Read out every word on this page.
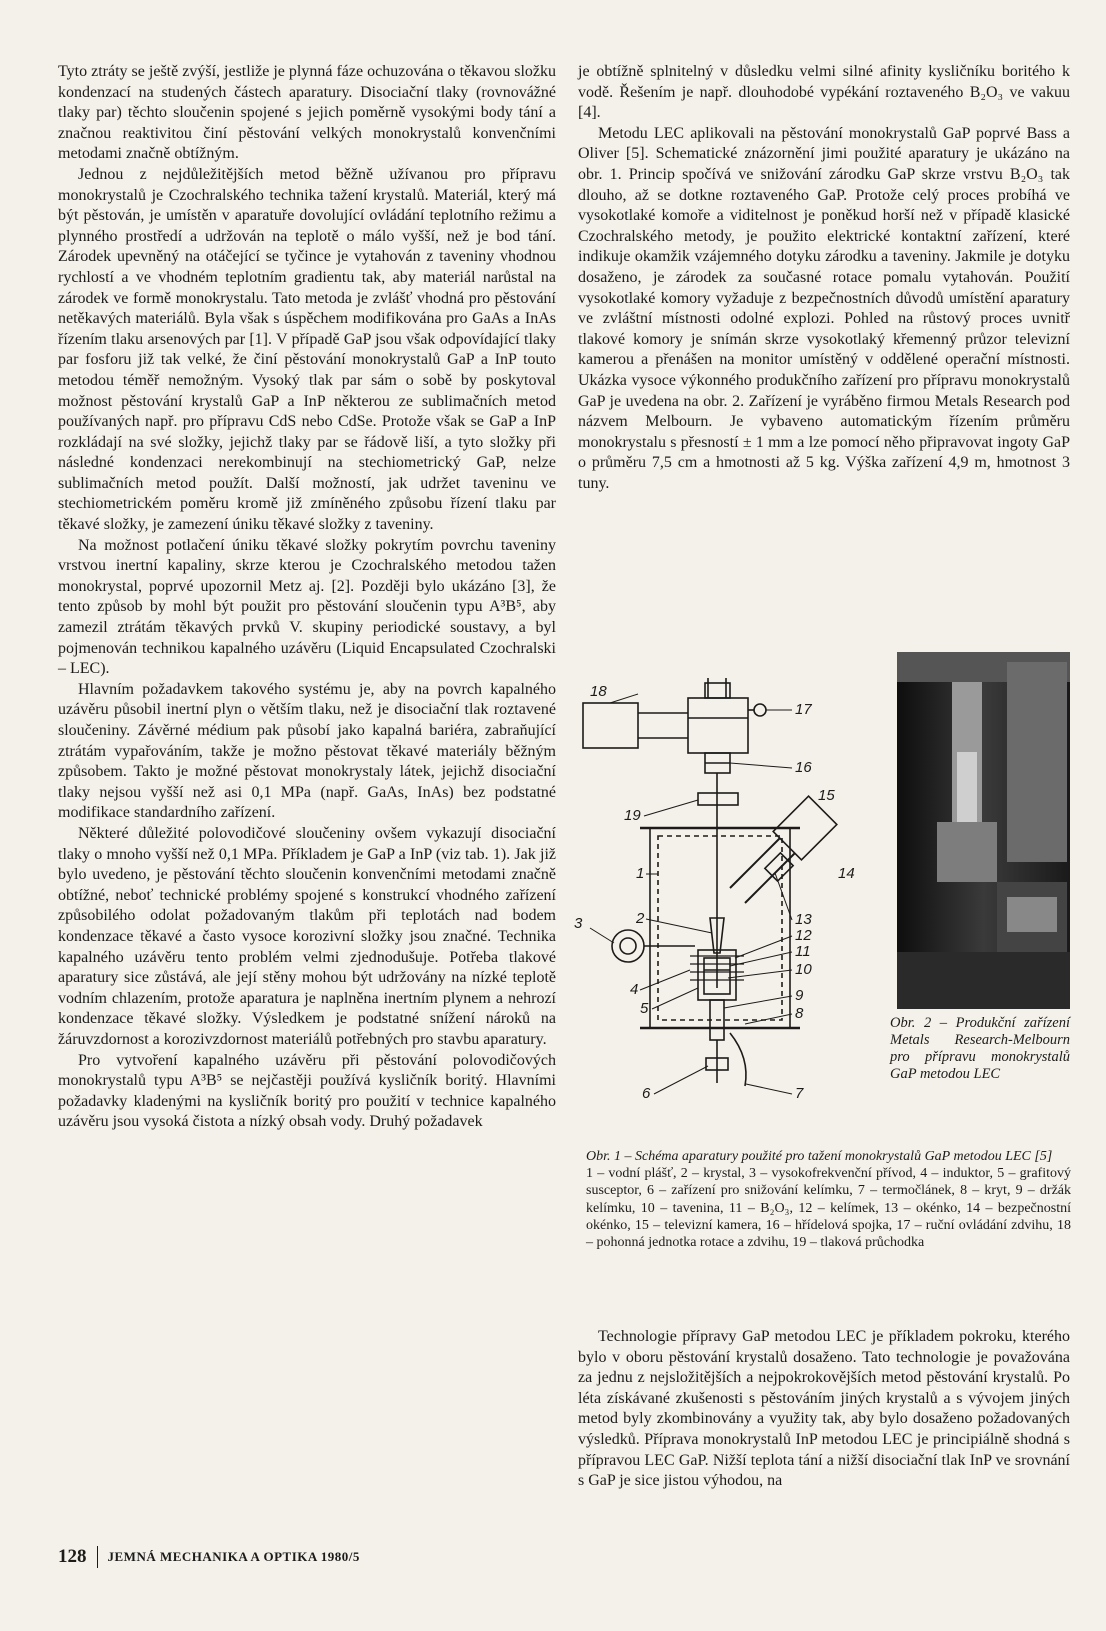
Tyto ztráty se ještě zvýší, jestliže je plynná fáze ochuzována o těkavou složku kondenzací na studených částech aparatury. Disociační tlaky (rovnovážné tlaky par) těchto sloučenin spojené s jejich poměrně vysokými body tání a značnou reaktivitou činí pěstování velkých monokrystalů konvenčními metodami značně obtížným.

Jednou z nejdůležitějších metod běžně užívanou pro přípravu monokrystalů je Czochralského technika tažení krystalů. Materiál, který má být pěstován, je umístěn v aparatuře dovolující ovládání teplotního režimu a plynného prostředí a udržován na teplotě o málo vyšší, než je bod tání. Zárodek upevněný na otáčející se tyčince je vytahován z taveniny vhodnou rychlostí a ve vhodném teplotním gradientu tak, aby materiál narůstal na zárodek ve formě monokrystalu. Tato metoda je zvlášť vhodná pro pěstování netěkavých materiálů. Byla však s úspěchem modifikována pro GaAs a InAs řízením tlaku arsenových par [1]. V případě GaP jsou však odpovídající tlaky par fosforu již tak velké, že činí pěstování monokrystalů GaP a InP touto metodou téměř nemožným. Vysoký tlak par sám o sobě by poskytoval možnost pěstování krystalů GaP a InP některou ze sublimačních metod používaných např. pro přípravu CdS nebo CdSe. Protože však se GaP a InP rozkládají na své složky, jejichž tlaky par se řádově liší, a tyto složky při následné kondenzaci nerekombinují na stechiometrický GaP, nelze sublimačních metod použít. Další možností, jak udržet taveninu ve stechiometrickém poměru kromě již zmíněného způsobu řízení tlaku par těkavé složky, je zamezení úniku těkavé složky z taveniny.

Na možnost potlačení úniku těkavé složky pokrytím povrchu taveniny vrstvou inertní kapaliny, skrze kterou je Czochralského metodou tažen monokrystal, poprvé upozornil Metz aj. [2]. Později bylo ukázáno [3], že tento způsob by mohl být použit pro pěstování sloučenin typu A³B⁵, aby zamezil ztrátám těkavých prvků V. skupiny periodické soustavy, a byl pojmenován technikou kapalného uzávěru (Liquid Encapsulated Czochralski – LEC).

Hlavním požadavkem takového systému je, aby na povrch kapalného uzávěru působil inertní plyn o větším tlaku, než je disociační tlak roztavené sloučeniny. Závěrné médium pak působí jako kapalná bariéra, zabraňující ztrátám vypařováním, takže je možno pěstovat těkavé materiály běžným způsobem. Takto je možné pěstovat monokrystaly látek, jejichž disociační tlaky nejsou vyšší než asi 0,1 MPa (např. GaAs, InAs) bez podstatné modifikace standardního zařízení.

Některé důležité polovodičové sloučeniny ovšem vykazují disociační tlaky o mnoho vyšší než 0,1 MPa. Příkladem je GaP a InP (viz tab. 1). Jak již bylo uvedeno, je pěstování těchto sloučenin konvenčními metodami značně obtížné, neboť technické problémy spojené s konstrukcí vhodného zařízení způsobilého odolat požadovaným tlakům při teplotách nad bodem kondenzace těkavé a často vysoce korozivní složky jsou značné. Technika kapalného uzávěru tento problém velmi zjednodušuje. Potřeba tlakové aparatury sice zůstává, ale její stěny mohou být udržovány na nízké teplotě vodním chlazením, protože aparatura je naplněna inertním plynem a nehrozí kondenzace těkavé složky. Výsledkem je podstatné snížení nároků na žáruvzdornost a korozivzdornost materiálů potřebných pro stavbu aparatury.

Pro vytvoření kapalného uzávěru při pěstování polovodičových monokrystalů typu A³B⁵ se nejčastěji používá kysličník boritý. Hlavními požadavky kladenými na kysličník boritý pro použití v technice kapalného uzávěru jsou vysoká čistota a nízký obsah vody. Druhý požadavek

je obtížně splnitelný v důsledku velmi silné afinity kysličníku boritého k vodě. Řešením je např. dlouhodobé vypékání roztaveného B₂O₃ ve vakuu [4].

Metodu LEC aplikovali na pěstování monokrystalů GaP poprvé Bass a Oliver [5]. Schematické znázornění jimi použité aparatury je ukázáno na obr. 1. Princip spočívá ve snižování zárodku GaP skrze vrstvu B₂O₃ tak dlouho, až se dotkne roztaveného GaP. Protože celý proces probíhá ve vysokotlaké komoře a viditelnost je poněkud horší než v případě klasické Czochralského metody, je použito elektrické kontaktní zařízení, které indikuje okamžik vzájemného dotyku zárodku a taveniny. Jakmile je dotyku dosaženo, je zárodek za současné rotace pomalu vytahován. Použití vysokotlaké komory vyžaduje z bezpečnostních důvodů umístění aparatury ve zvláštní místnosti odolné explozi. Pohled na růstový proces uvnitř tlakové komory je snímán skrze vysokotlaký křemenný průzor televizní kamerou a přenášen na monitor umístěný v oddělené operační místnosti. Ukázka vysoce výkonného produkčního zařízení pro přípravu monokrystalů GaP je uvedena na obr. 2. Zařízení je vyráběno firmou Metals Research pod názvem Melbourn. Je vybaveno automatickým řízením průměru monokrystalu s přesností ± 1 mm a lze pomocí něho připravovat ingoty GaP o průměru 7,5 cm a hmotnosti až 5 kg. Výška zařízení 4,9 m, hmotnost 3 tuny.

18
17
16
15
19
1	14
2	13
3
12
11
10
4	9
5	8
6	7
Obr. 2 – Produkční zařízení Metals Research-Melbourn pro přípravu monokrystalů GaP metodou LEC
Obr. 1 – Schéma aparatury použité pro tažení monokrystalů GaP metodou LEC [5]
1 – vodní plášť, 2 – krystal, 3 – vysokofrekvenční přívod, 4 – induktor, 5 – grafitový susceptor, 6 – zařízení pro snižování kelímku, 7 – termočlánek, 8 – kryt, 9 – držák kelímku, 10 – tavenina, 11 – B₂O₃, 12 – kelímek, 13 – okénko, 14 – bezpečnostní okénko, 15 – televizní kamera, 16 – hřídelová spojka, 17 – ruční ovládání zdvihu, 18 – pohonná jednotka rotace a zdvihu, 19 – tlaková průchodka

Technologie přípravy GaP metodou LEC je příkladem pokroku, kterého bylo v oboru pěstování krystalů dosaženo. Tato technologie je považována za jednu z nejsložitějších a nejpokrokovějších metod pěstování krystalů. Po léta získávané zkušenosti s pěstováním jiných krystalů a s vývojem jiných metod byly zkombinovány a využity tak, aby bylo dosaženo požadovaných výsledků. Příprava monokrystalů InP metodou LEC je principiálně shodná s přípravou LEC GaP. Nižší teplota tání a nižší disociační tlak InP ve srovnání s GaP je sice jistou výhodou, na

128 JEMNÁ MECHANIKA A OPTIKA 1980/5
